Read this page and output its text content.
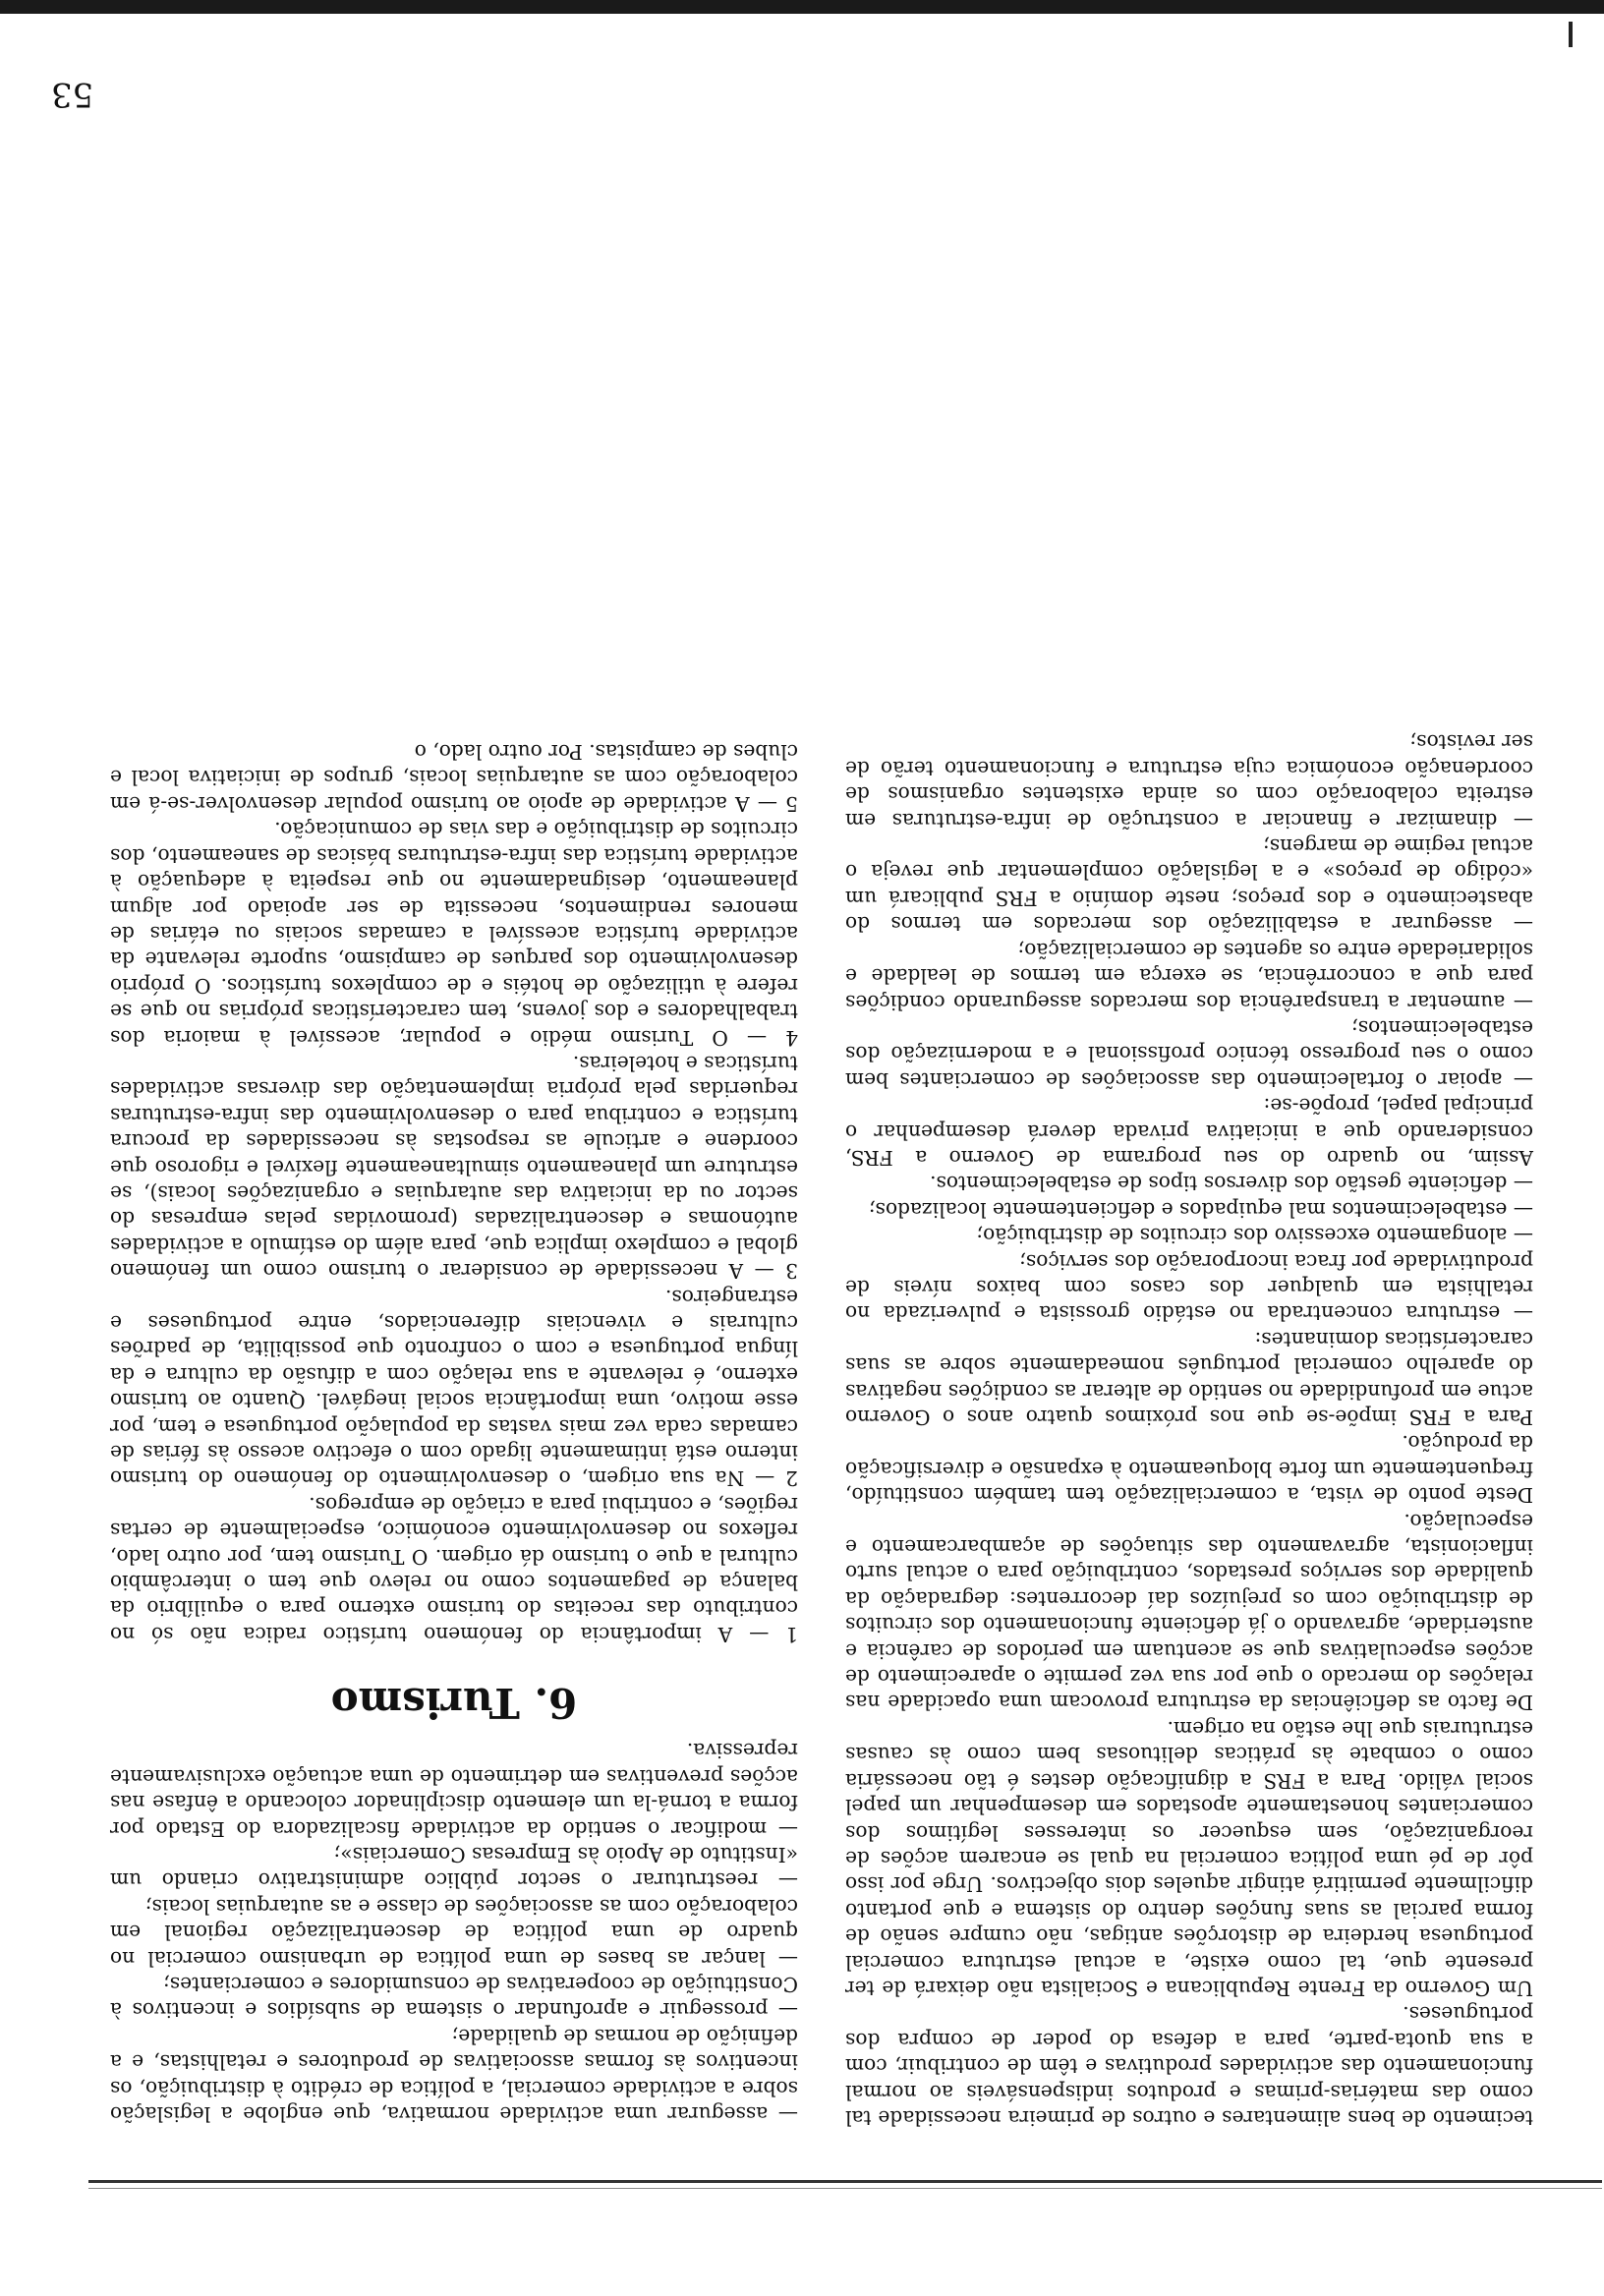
53

tecimento de bens alimentares e outros de primeira necessidade tal como das matérias-primas e produtos indispensáveis ao normal funcionamento das actividades produtivas e têm de contribuir, com a sua quota-parte, para a defesa do poder de compra dos portugueses.

Um Governo da Frente Republicana e Socialista não deixará de ter presente que, tal como existe, a actual estrutura comercial portuguesa herdeira de distorções antigas, não cumpre senão de forma parcial as suas funções dentro do sistema e que portanto dificilmente permitirá atingir aqueles dois objectivos. Urge por isso pôr de pé uma política comercial na qual se encarem acções de reorganização, sem esquecer os interesses legítimos dos comerciantes honestamente apostados em desempenhar um papel social válido. Para a FRS a dignificação destes é tão necessária como o combate às práticas delituosas bem como às causas estruturais que lhe estão na origem.

De facto as deficiências da estrutura provocam uma opacidade nas relações do mercado o que por sua vez permite o aparecimento de acções especulativas que se acentuam em períodos de carência e austeridade, agravando o já deficiente funcionamento dos circuitos de distribuição com os prejuízos daí decorrentes: degradação da qualidade dos serviços prestados, contribuição para o actual surto inflacionista, agravamento das situações de açambarcamento e especulação.

Deste ponto de vista, a comercialização tem também constituído, frequentemente um forte bloqueamento à expansão e diversificação da produção.

Para a FRS impõe-se que nos próximos quatro anos o Governo actue em profundidade no sentido de alterar as condições negativas do aparelho comercial português nomeadamente sobre as suas características dominantes:

— estrutura concentrada no estádio grossista e pulverizada no retalhista em qualquer dos casos com baixos níveis de produtividade por fraca incorporação dos serviços;

— alongamento excessivo dos circuitos de distribuição;

— estabelecimentos mal equipados e deficientemente localizados;

— deficiente gestão dos diversos tipos de estabelecimentos.

Assim, no quadro do seu programa de Governo a FRS, considerando que a iniciativa privada deverá desempenhar o principal papel, propõe-se:

— apoiar o fortalecimento das associações de comerciantes bem como o seu progresso técnico profissional e a modernização dos estabelecimentos;

— aumentar a transparência dos mercados assegurando condições para que a concorrência, se exerça em termos de lealdade e solidariedade entre os agentes de comercialização;

— assegurar a estabilização dos mercados em termos do abastecimento e dos preços; neste domínio a FRS publicará um «código de preços» e a legislação complementar que reveja o actual regime de margens;

— dinamizar e financiar a construção de infra-estruturas em estreita colaboração com os ainda existentes organismos de coordenação económica cuja estrutura e funcionamento terão de ser revistos;

— assegurar uma actividade normativa, que englobe a legislação sobre a actividade comercial, a política de crédito à distribuição, os incentivos às formas associativas de produtores e retalhistas, e a definição de normas de qualidade;

— prosseguir e aprofundar o sistema de subsídios e incentivos à Constituição de cooperativas de consumidores e comerciantes;

— lançar as bases de uma política de urbanismo comercial no quadro de uma política de descentralização regional em colaboração com as associações de classe e as autarquias locais;

— reestruturar o sector público administrativo criando um «Instituto de Apoio às Empresas Comerciais»;

— modificar o sentido da actividade fiscalizadora do Estado por forma a torná-la um elemento disciplinador colocando a ênfase nas acções preventivas em detrimento de uma actuação exclusivamente repressiva.

6. Turismo

1 — A importância do fenómeno turístico radica não só no contributo das receitas do turismo externo para o equilíbrio da balança de pagamentos como no relevo que tem o intercâmbio cultural a que o turismo dá origem. O Turismo tem, por outro lado, reflexos no desenvolvimento económico, especialmente de certas regiões, e contribui para a criação de empregos.

2 — Na sua origem, o desenvolvimento do fenómeno do turismo interno está intimamente ligado com o efectivo acesso às férias de camadas cada vez mais vastas da população portuguesa e tem, por esse motivo, uma importância social inegável. Quanto ao turismo externo, é relevante a sua relação com a difusão da cultura e da língua portuguesa e com o confronto que possibilita, de padrões culturais e vivenciais diferenciados, entre portugueses e estrangeiros.

3 — A necessidade de considerar o turismo como um fenómeno global e complexo implica que, para além do estímulo a actividades autónomas e descentralizadas (promovidas pelas empresas do sector ou da iniciativa das autarquias e organizações locais), se estruture um planeamento simultaneamente flexível e rigoroso que coordene e articule as respostas às necessidades da procura turística e contribua para o desenvolvimento das infra-estruturas requeridas pela própria implementação das diversas actividades turísticas e hoteleiras.

4 — O Turismo médio e popular, acessível à maioria dos trabalhadores e dos jovens, tem características próprias no que se refere à utilização de hotéis e de complexos turísticos. O próprio desenvolvimento dos parques de campismo, suporte relevante da actividade turística acessível a camadas sociais ou etárias de menores rendimentos, necessita de ser apoiado por algum planeamento, designadamente no que respeita à adequação à actividade turística das infra-estruturas básicas de saneamento, dos circuitos de distribuição e das vias de comunicação.

5 — A actividade de apoio ao turismo popular desenvolver-se-á em colaboração com as autarquias locais, grupos de iniciativa local e clubes de campistas. Por outro lado, o
